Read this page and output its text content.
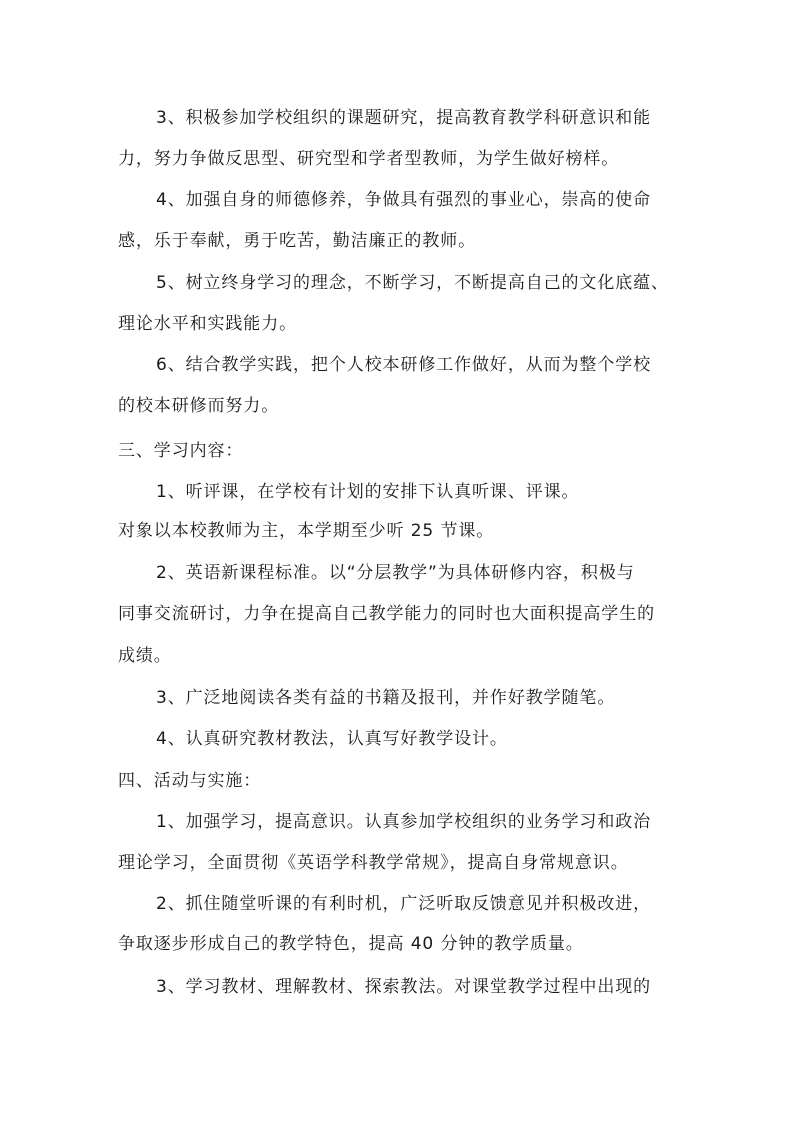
3、积极参加学校组织的课题研究，提高教育教学科研意识和能
力，努力争做反思型、研究型和学者型教师，为学生做好榜样。
4、加强自身的师德修养，争做具有强烈的事业心，崇高的使命
感，乐于奉献，勇于吃苦，勤洁廉正的教师。
5、树立终身学习的理念，不断学习，不断提高自己的文化底蕴、
理论水平和实践能力。
6、结合教学实践，把个人校本研修工作做好，从而为整个学校
的校本研修而努力。
三、学习内容：
1、听评课，在学校有计划的安排下认真听课、评课。
对象以本校教师为主，本学期至少听 25 节课。
2、英语新课程标准。以“分层教学”为具体研修内容，积极与
同事交流研讨，力争在提高自己教学能力的同时也大面积提高学生的
成绩。
3、广泛地阅读各类有益的书籍及报刊，并作好教学随笔。
4、认真研究教材教法，认真写好教学设计。
四、活动与实施：
1、加强学习，提高意识。认真参加学校组织的业务学习和政治
理论学习，全面贯彻《英语学科教学常规》，提高自身常规意识。
2、抓住随堂听课的有利时机，广泛听取反馈意见并积极改进，
争取逐步形成自己的教学特色，提高 40 分钟的教学质量。
3、学习教材、理解教材、探索教法。对课堂教学过程中出现的
